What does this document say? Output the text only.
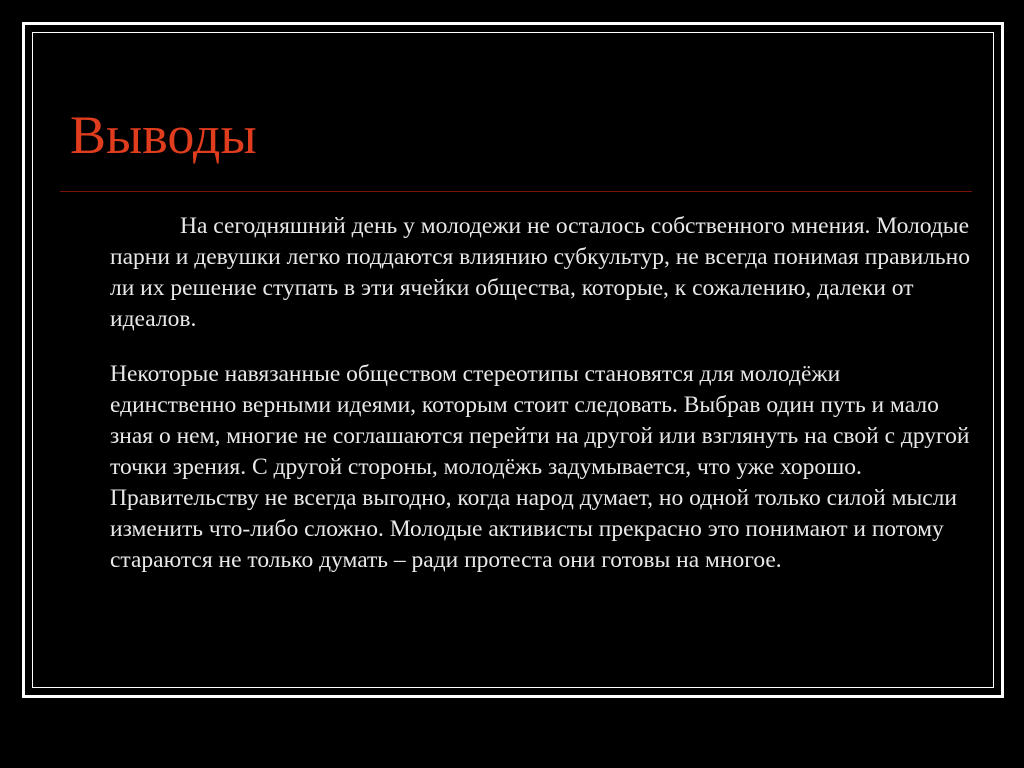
Выводы

На сегодняшний день у молодежи не осталось собственного мнения. Молодые парни и девушки легко поддаются влиянию субкультур, не всегда понимая правильно ли их решение ступать в эти ячейки общества, которые, к сожалению, далеки от идеалов.

Некоторые навязанные обществом стереотипы становятся для молодёжи единственно верными идеями, которым стоит следовать. Выбрав один путь и мало зная о нем, многие не соглашаются перейти на другой или взглянуть на свой с другой точки зрения. С другой стороны, молодёжь задумывается, что уже хорошо. Правительству не всегда выгодно, когда народ думает, но одной только силой мысли изменить что-либо сложно. Молодые активисты прекрасно это понимают и потому стараются не только думать – ради протеста они готовы на многое.
